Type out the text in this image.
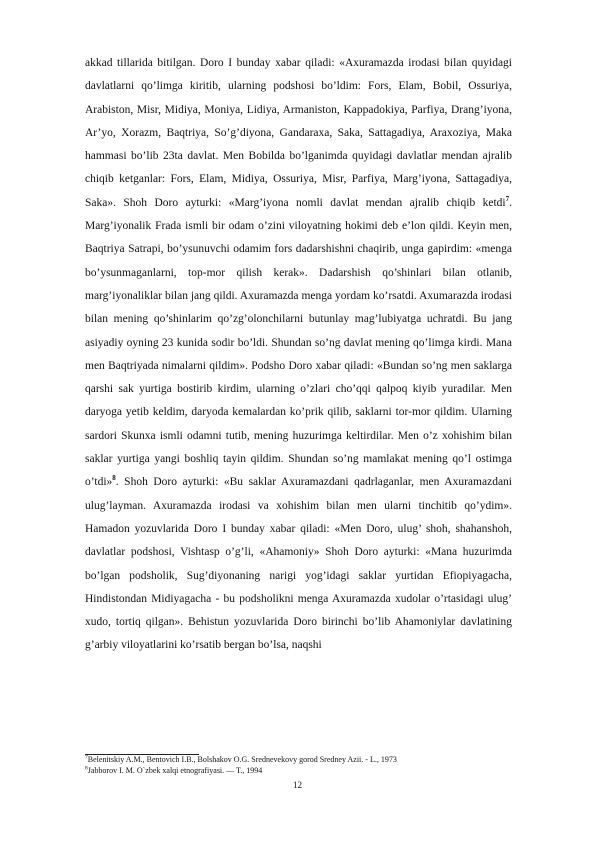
akkad tillarida bitilgan. Doro I bunday xabar qiladi: «Axuramazda irodasi bilan quyidagi davlatlarni qo’limga kiritib, ularning podshosi bo’ldim: Fors, Elam, Bobil, Ossuriya, Arabiston, Misr, Midiya, Moniya, Lidiya, Armaniston, Kappadokiya, Parfiya, Drang’iyona, Ar’yo, Xorazm, Baqtriya, So’g’diyona, Gandaraxa, Saka, Sattagadiya, Araxoziya, Maka hammasi bo’lib 23ta davlat. Men Bobilda bo’lganimda quyidagi davlatlar mendan ajralib chiqib ketganlar: Fors, Elam, Midiya, Ossuriya, Misr, Parfiya, Marg’iyona, Sattagadiya, Saka». Shoh Doro ayturki: «Marg’iyona nomli davlat mendan ajralib chiqib ketdi$^7$. Marg’iyonalik Frada ismli bir odam o’zini viloyatning hokimi deb e’lon qildi. Keyin men, Baqtriya Satrapi, bo’ysunuvchi odamim fors dadarshishni chaqirib, unga gapirdim: «menga bo’ysunmaganlarni, top-mor qilish kerak». Dadarshish qo’shinlari bilan otlanib, marg’iyonaliklar bilan jang qildi. Axuramazda menga yordam ko’rsatdi. Axumarazda irodasi bilan mening qo’shinlarim qo’zg’olonchilarni butunlay mag’lubiyatga uchratdi. Bu jang asiyadiy oyning 23 kunida sodir bo’ldi. Shundan so’ng davlat mening qo’limga kirdi. Mana men Baqtriyada nimalarni qildim». Podsho Doro xabar qiladi: «Bundan so’ng men saklarga qarshi sak yurtiga bostirib kirdim, ularning o’zlari cho’qqi qalpoq kiyib yuradilar. Men daryoga yetib keldim, daryoda kemalardan ko’prik qilib, saklarni tor-mor qildim. Ularning sardori Skunxa ismli odamni tutib, mening huzurimga keltirdilar. Men o’z xohishim bilan saklar yurtiga yangi boshliq tayin qildim. Shundan so’ng mamlakat mening qo’l ostimga o’tdi»$^8$. Shoh Doro ayturki: «Bu saklar Axuramazdani qadrlaganlar, men Axuramazdani ulug’layman. Axuramazda irodasi va xohishim bilan men ularni tinchitib qo’ydim». Hamadon yozuvlarida Doro I bunday xabar qiladi: «Men Doro, ulug’ shoh, shahanshoh, davlatlar podshosi, Vishtasp o’g’li, «Ahamoniy» Shoh Doro ayturki: «Mana huzurimda bo’lgan podsholik, Sug’diyonaning narigi yog’idagi saklar yurtidan Efiopiyagacha, Hindistondan Midiyagacha - bu podsholikni menga Axuramazda xudolar o’rtasidagi ulug’ xudo, tortiq qilgan». Behistun yozuvlarida Doro birinchi bo’lib Ahamoniylar davlatining g’arbiy viloyatlarini ko’rsatib bergan bo’lsa, naqshi

$^7$Belenitskiy A.M., Bentovich I.B., Bolshakov O.G. Srednevekovy gorod Sredney Azii. - L., 1973

$^8$Jabborov I. M. O`zbek xalqi etnografiyasi. — T., 1994

12
